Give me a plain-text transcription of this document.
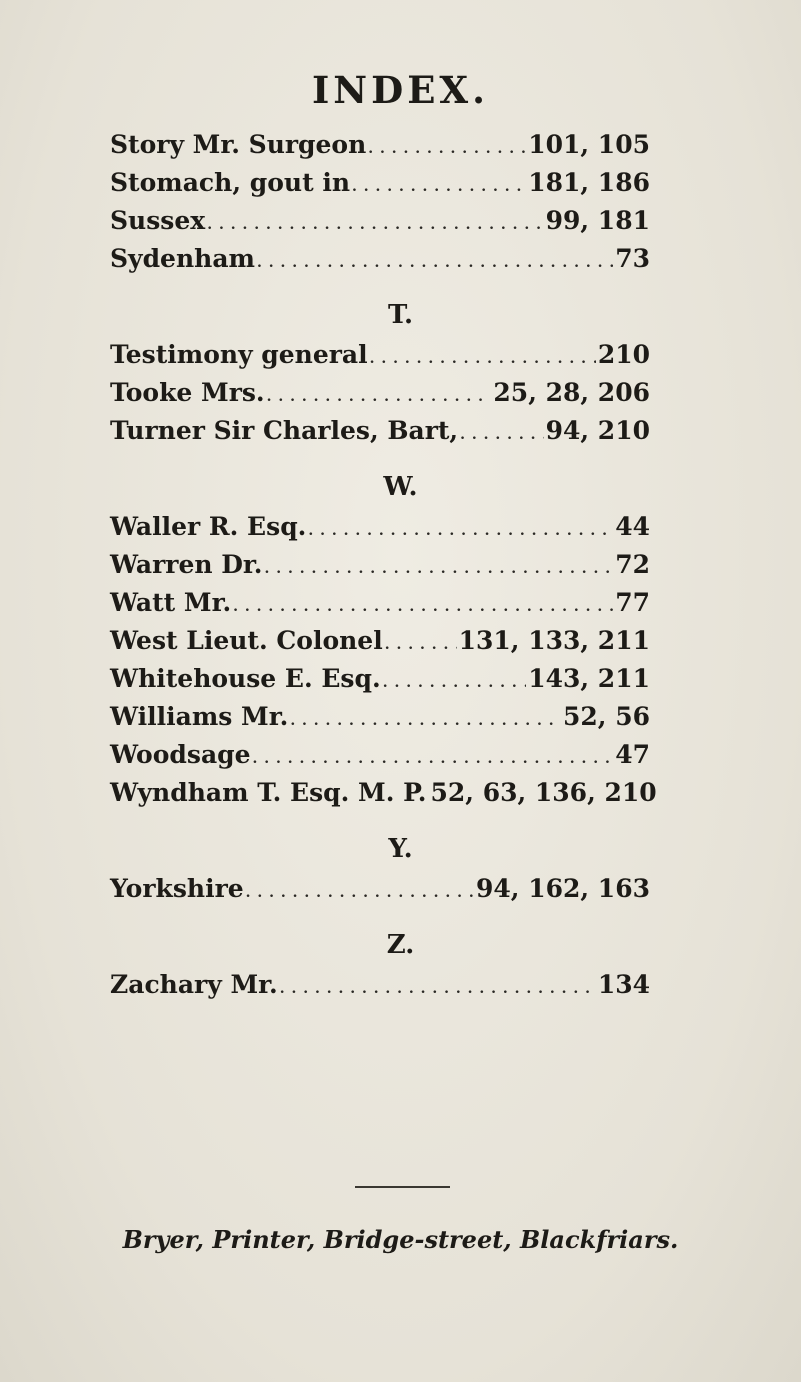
INDEX.
Story Mr. Surgeon . . .	101, 105
Stomach, gout in . . .	181, 186
Sussex . . .	99, 181
Sydenham . . .	73
T.
Testimony general . . .	210
Tooke Mrs. . . .	25, 28, 206
Turner Sir Charles, Bart, . . .	94, 210
W.
Waller R. Esq. . . .	44
Warren Dr. . . .	72
Watt Mr. . . .	77
West Lieut. Colonel . . .	131, 133, 211
Whitehouse E. Esq. . . .	143, 211
Williams Mr. . . .	52, 56
Woodsage . . .	47
Wyndham T. Esq. M. P. 52, 63, 136, 210
Y.
Yorkshire . . .	94, 162, 163
Z.
Zachary Mr. . . .	134
Bryer, Printer, Bridge-street, Blackfriars.
